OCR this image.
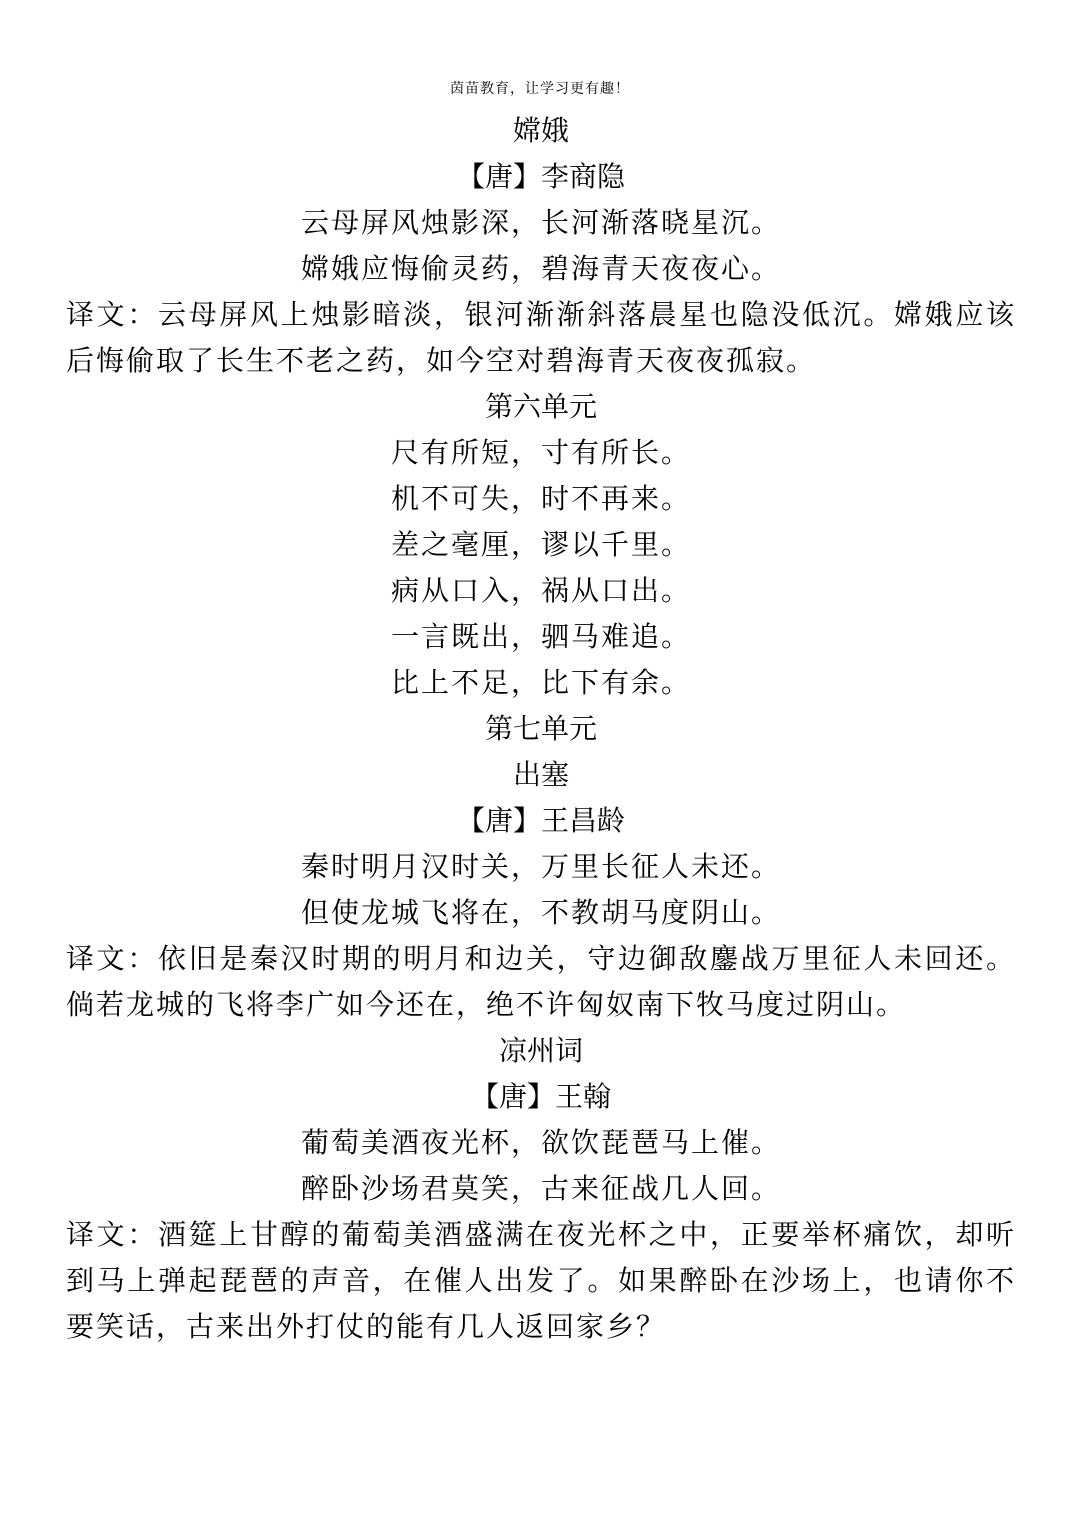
茵苗教育，让学习更有趣！
嫦娥
【唐】李商隐
云母屏风烛影深，长河渐落晓星沉。
嫦娥应悔偷灵药，碧海青天夜夜心。
译文：云母屏风上烛影暗淡，银河渐渐斜落晨星也隐没低沉。嫦娥应该后悔偷取了长生不老之药，如今空对碧海青天夜夜孤寂。
第六单元
尺有所短，寸有所长。
机不可失，时不再来。
差之毫厘，谬以千里。
病从口入，祸从口出。
一言既出，驷马难追。
比上不足，比下有余。
第七单元
出塞
【唐】王昌龄
秦时明月汉时关，万里长征人未还。
但使龙城飞将在，不教胡马度阴山。
译文：依旧是秦汉时期的明月和边关，守边御敌鏖战万里征人未回还。倘若龙城的飞将李广如今还在，绝不许匈奴南下牧马度过阴山。
凉州词
【唐】王翰
葡萄美酒夜光杯，欲饮琵琶马上催。
醉卧沙场君莫笑，古来征战几人回。
译文：酒筵上甘醇的葡萄美酒盛满在夜光杯之中，正要举杯痛饮，却听到马上弹起琵琶的声音，在催人出发了。如果醉卧在沙场上，也请你不要笑话，古来出外打仗的能有几人返回家乡？
